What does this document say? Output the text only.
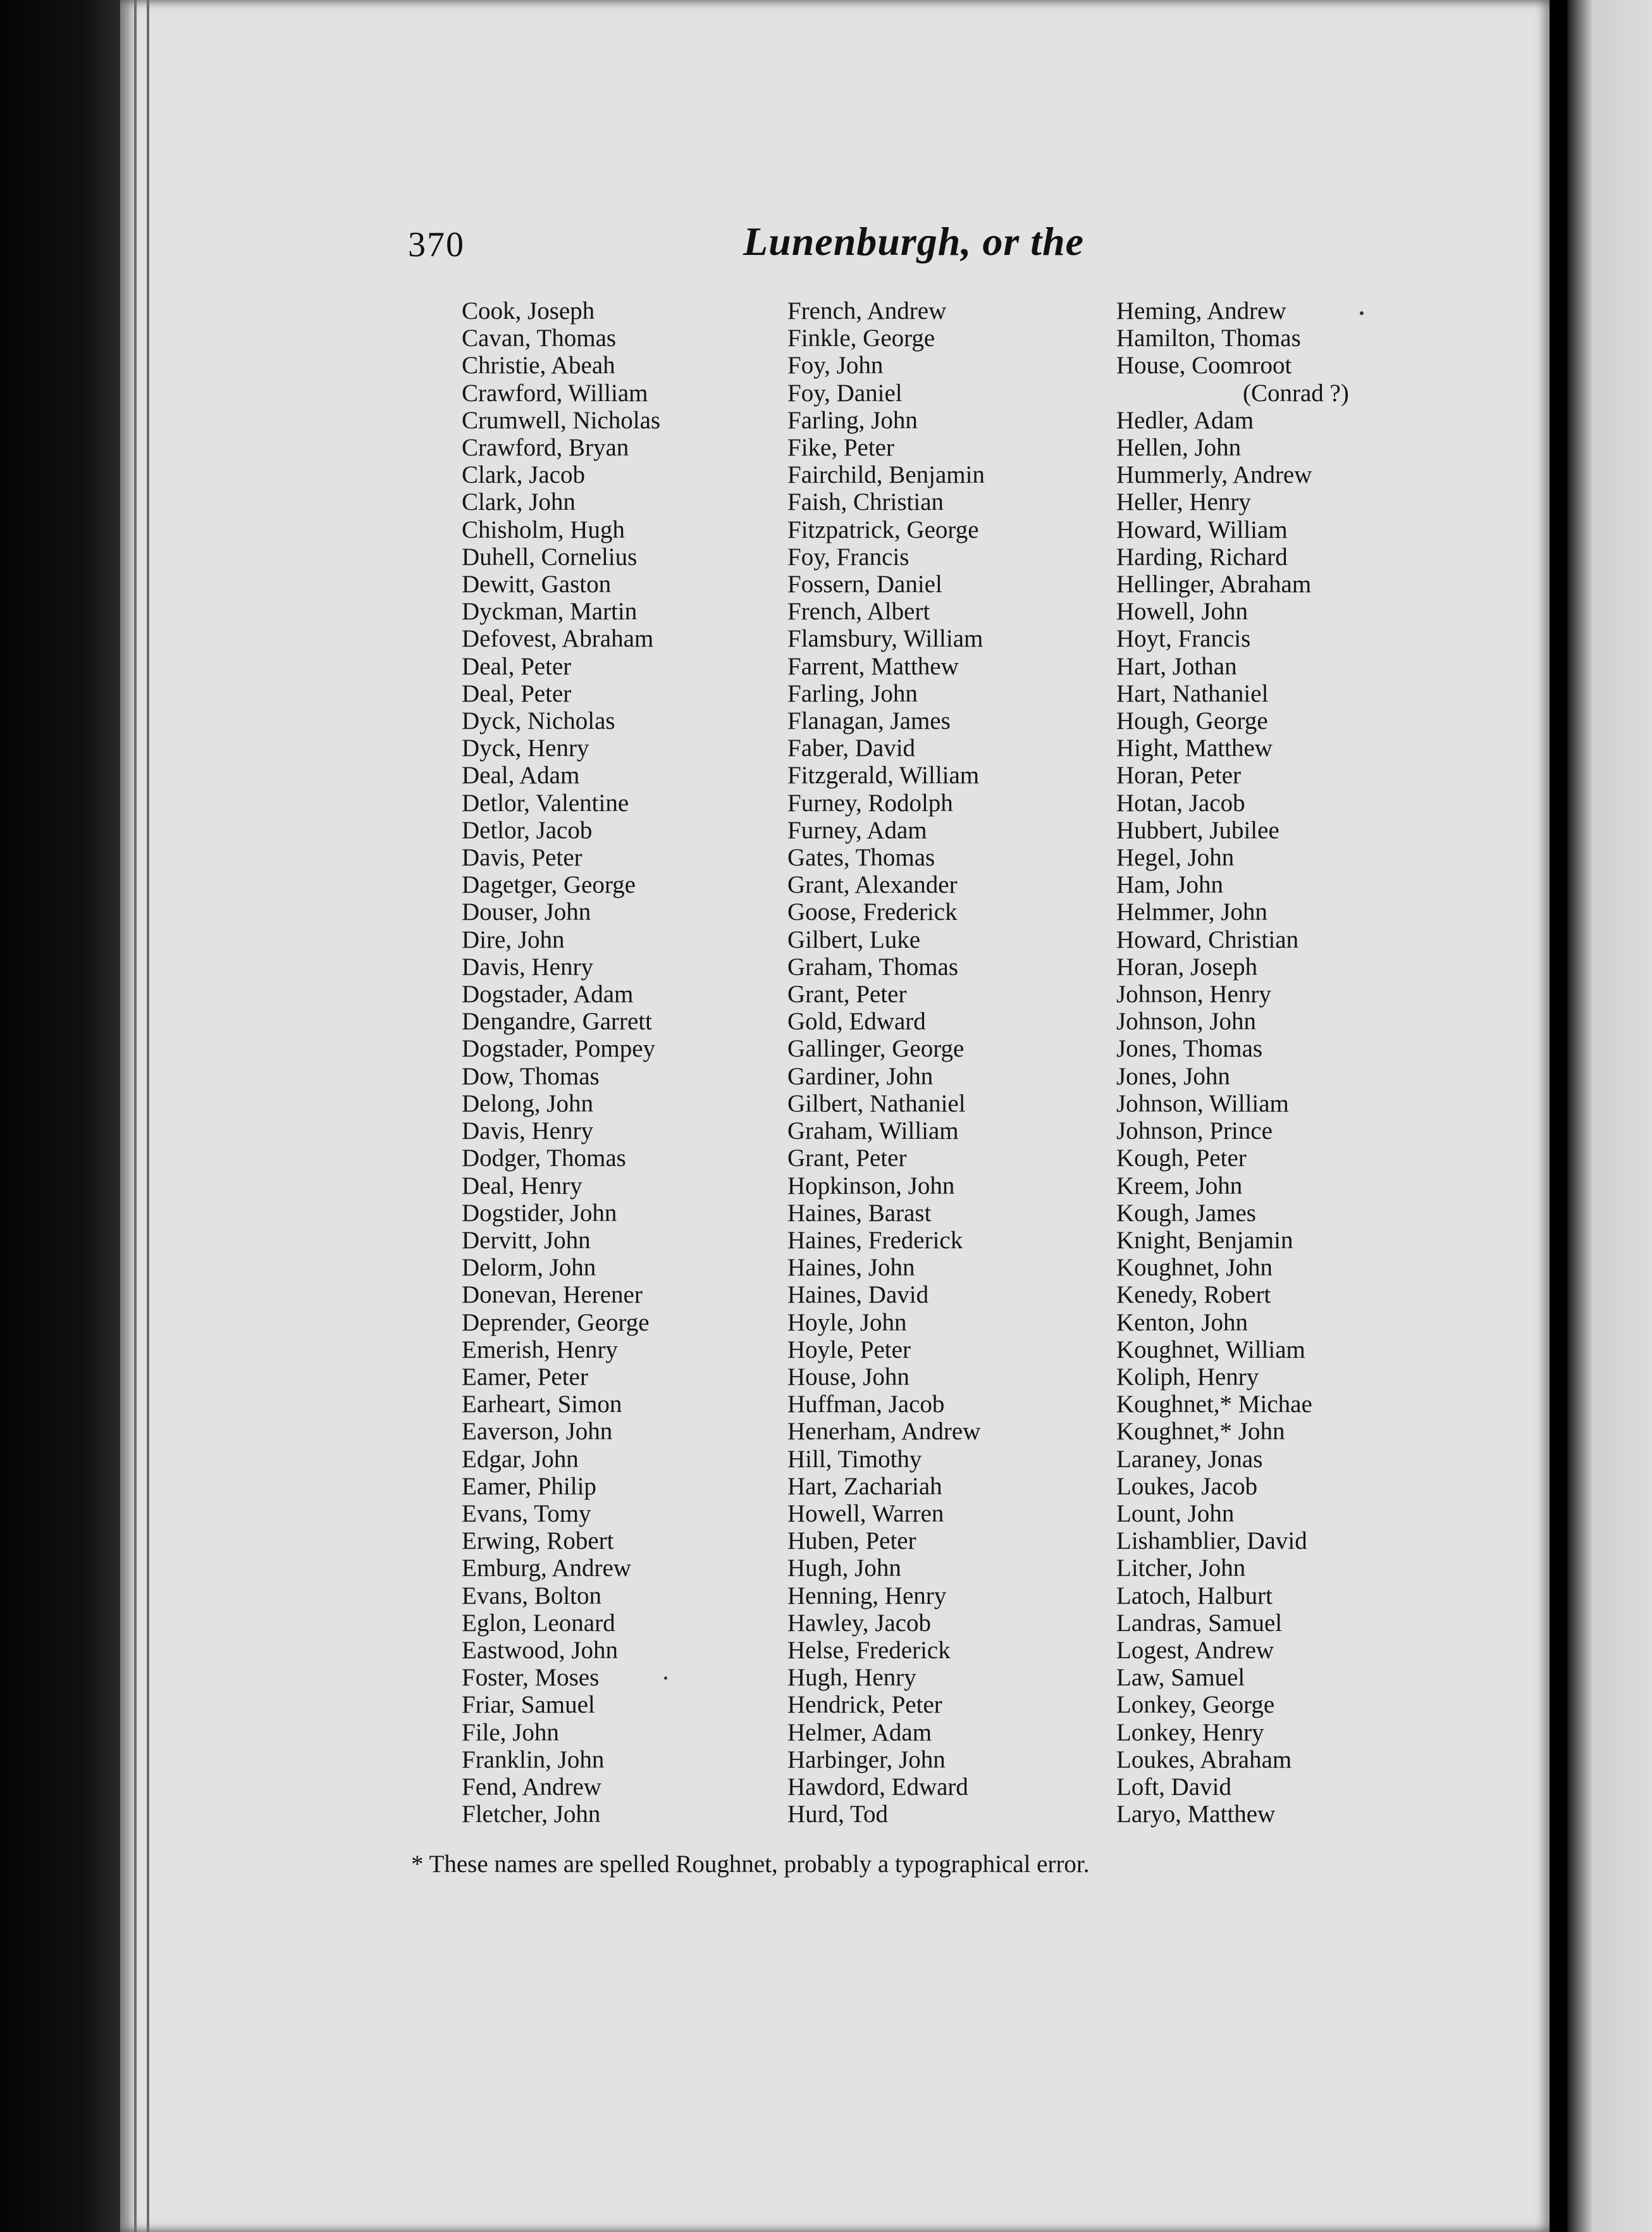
370	Lunenburgh, or the
Cook, Joseph
Cavan, Thomas
Christie, Abeah
Crawford, William
Crumwell, Nicholas
Crawford, Bryan
Clark, Jacob
Clark, John
Chisholm, Hugh
Duhell, Cornelius
Dewitt, Gaston
Dyckman, Martin
Defovest, Abraham
Deal, Peter
Deal, Peter
Dyck, Nicholas
Dyck, Henry
Deal, Adam
Detlor, Valentine
Detlor, Jacob
Davis, Peter
Dagetger, George
Douser, John
Dire, John
Davis, Henry
Dogstader, Adam
Dengandre, Garrett
Dogstader, Pompey
Dow, Thomas
Delong, John
Davis, Henry
Dodger, Thomas
Deal, Henry
Dogstider, John
Dervitt, John
Delorm, John
Donevan, Herener
Deprender, George
Emerish, Henry
Eamer, Peter
Earheart, Simon
Eaverson, John
Edgar, John
Eamer, Philip
Evans, Tomy
Erwing, Robert
Emburg, Andrew
Evans, Bolton
Eglon, Leonard
Eastwood, John
Foster, Moses
Friar, Samuel
File, John
Franklin, John
Fend, Andrew
Fletcher, John
French, Andrew
Finkle, George
Foy, John
Foy, Daniel
Farling, John
Fike, Peter
Fairchild, Benjamin
Faish, Christian
Fitzpatrick, George
Foy, Francis
Fossern, Daniel
French, Albert
Flamsbury, William
Farrent, Matthew
Farling, John
Flanagan, James
Faber, David
Fitzgerald, William
Furney, Rodolph
Furney, Adam
Gates, Thomas
Grant, Alexander
Goose, Frederick
Gilbert, Luke
Graham, Thomas
Grant, Peter
Gold, Edward
Gallinger, George
Gardiner, John
Gilbert, Nathaniel
Graham, William
Grant, Peter
Hopkinson, John
Haines, Barast
Haines, Frederick
Haines, John
Haines, David
Hoyle, John
Hoyle, Peter
House, John
Huffman, Jacob
Henerham, Andrew
Hill, Timothy
Hart, Zachariah
Howell, Warren
Huben, Peter
Hugh, John
Henning, Henry
Hawley, Jacob
Helse, Frederick
Hugh, Henry
Hendrick, Peter
Helmer, Adam
Harbinger, John
Hawdord, Edward
Hurd, Tod
Heming, Andrew
Hamilton, Thomas
House, Coomroot
(Conrad ?)
Hedler, Adam
Hellen, John
Hummerly, Andrew
Heller, Henry
Howard, William
Harding, Richard
Hellinger, Abraham
Howell, John
Hoyt, Francis
Hart, Jothan
Hart, Nathaniel
Hough, George
Hight, Matthew
Horan, Peter
Hotan, Jacob
Hubbert, Jubilee
Hegel, John
Ham, John
Helmmer, John
Howard, Christian
Horan, Joseph
Johnson, Henry
Johnson, John
Jones, Thomas
Jones, John
Johnson, William
Johnson, Prince
Kough, Peter
Kreem, John
Kough, James
Knight, Benjamin
Koughnet, John
Kenedy, Robert
Kenton, John
Koughnet, William
Koliph, Henry
Koughnet,* Michae
Koughnet,* John
Laraney, Jonas
Loukes, Jacob
Lount, John
Lishamblier, David
Litcher, John
Latoch, Halburt
Landras, Samuel
Logest, Andrew
Law, Samuel
Lonkey, George
Lonkey, Henry
Loukes, Abraham
Loft, David
Laryo, Matthew
* These names are spelled Roughnet, probably a typographical error.
